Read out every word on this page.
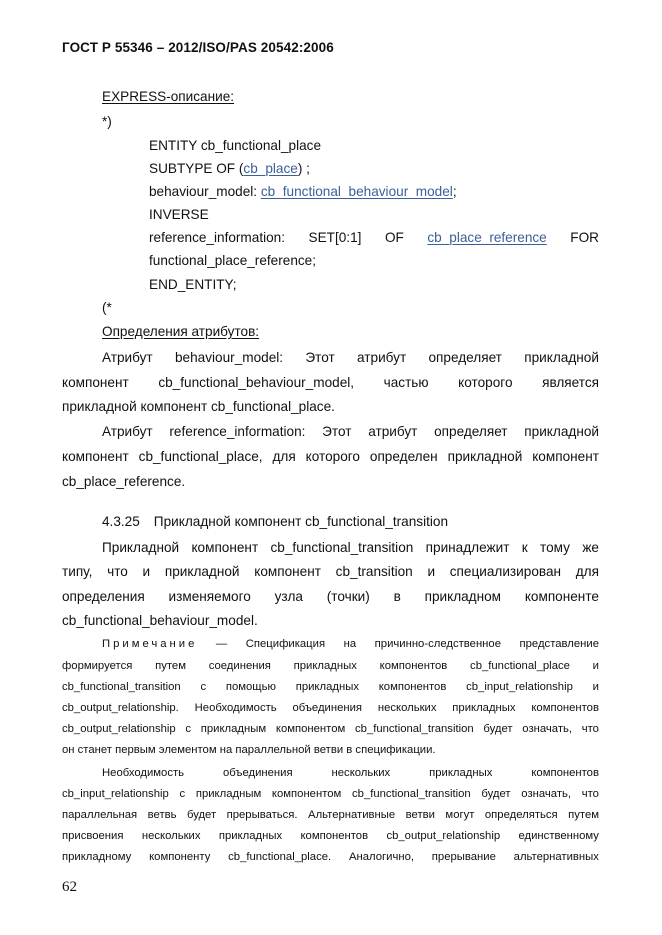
ГОСТ Р 55346 – 2012/ISO/PAS 20542:2006
EXPRESS-описание:
*)
ENTITY cb_functional_place
SUBTYPE OF (cb_place) ;
behaviour_model: cb_functional_behaviour_model;
INVERSE
reference_information: SET[0:1] OF cb_place_reference FOR
functional_place_reference;
END_ENTITY;
(*
Определения атрибутов:
Атрибут behaviour_model: Этот атрибут определяет прикладной
компонент cb_functional_behaviour_model, частью которого является
прикладной компонент cb_functional_place.
Атрибут reference_information: Этот атрибут определяет прикладной
компонент cb_functional_place, для которого определен прикладной компонент
cb_place_reference.
4.3.25 Прикладной компонент cb_functional_transition
Прикладной компонент cb_functional_transition принадлежит к тому же
типу, что и прикладной компонент cb_transition и специализирован для
определения изменяемого узла (точки) в прикладном компоненте
cb_functional_behaviour_model.
Примечание — Спецификация на причинно-следственное представление
формируется путем соединения прикладных компонентов cb_functional_place и
cb_functional_transition с помощью прикладных компонентов cb_input_relationship и
cb_output_relationship. Необходимость объединения нескольких прикладных компонентов
cb_output_relationship с прикладным компонентом cb_functional_transition будет означать, что
он станет первым элементом на параллельной ветви в спецификации.
Необходимость	объединения	нескольких	прикладных	компонентов
cb_input_relationship с прикладным компонентом cb_functional_transition будет означать, что
параллельная ветвь будет прерываться. Альтернативные ветви могут определяться путем
присвоения нескольких прикладных компонентов cb_output_relationship единственному
прикладному компоненту cb_functional_place. Аналогично, прерывание альтернативных
62
